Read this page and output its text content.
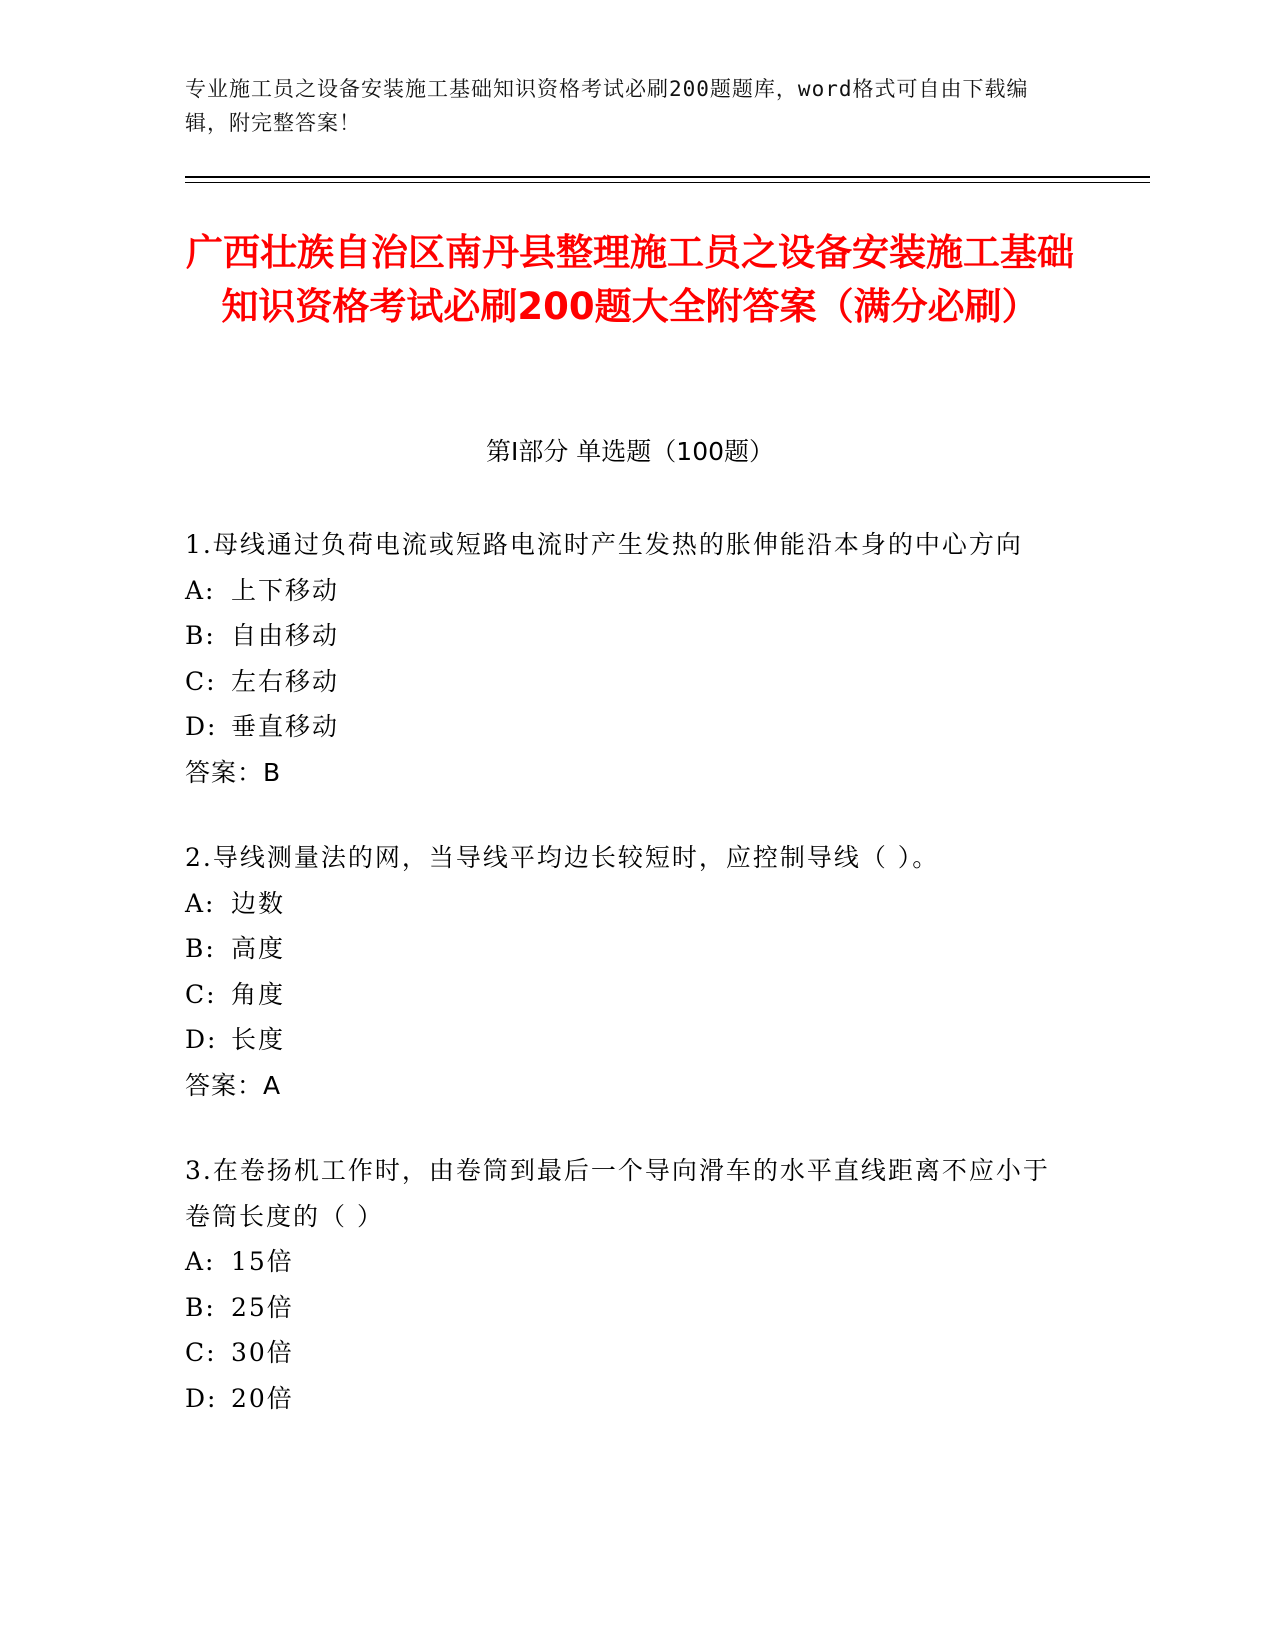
专业施工员之设备安装施工基础知识资格考试必刷200题题库，word格式可自由下载编辑，附完整答案！
广西壮族自治区南丹县整理施工员之设备安装施工基础知识资格考试必刷200题大全附答案（满分必刷）
第I部分 单选题（100题）

1.母线通过负荷电流或短路电流时产生发热的胀伸能沿本身的中心方向

A: 上下移动

B: 自由移动

C: 左右移动

D: 垂直移动

答案：B

2.导线测量法的网，当导线平均边长较短时，应控制导线（ ）。

A: 边数

B: 高度

C: 角度

D: 长度

答案：A

3.在卷扬机工作时，由卷筒到最后一个导向滑车的水平直线距离不应小于卷筒长度的（ ）

A: 15倍

B: 25倍

C: 30倍

D: 20倍
